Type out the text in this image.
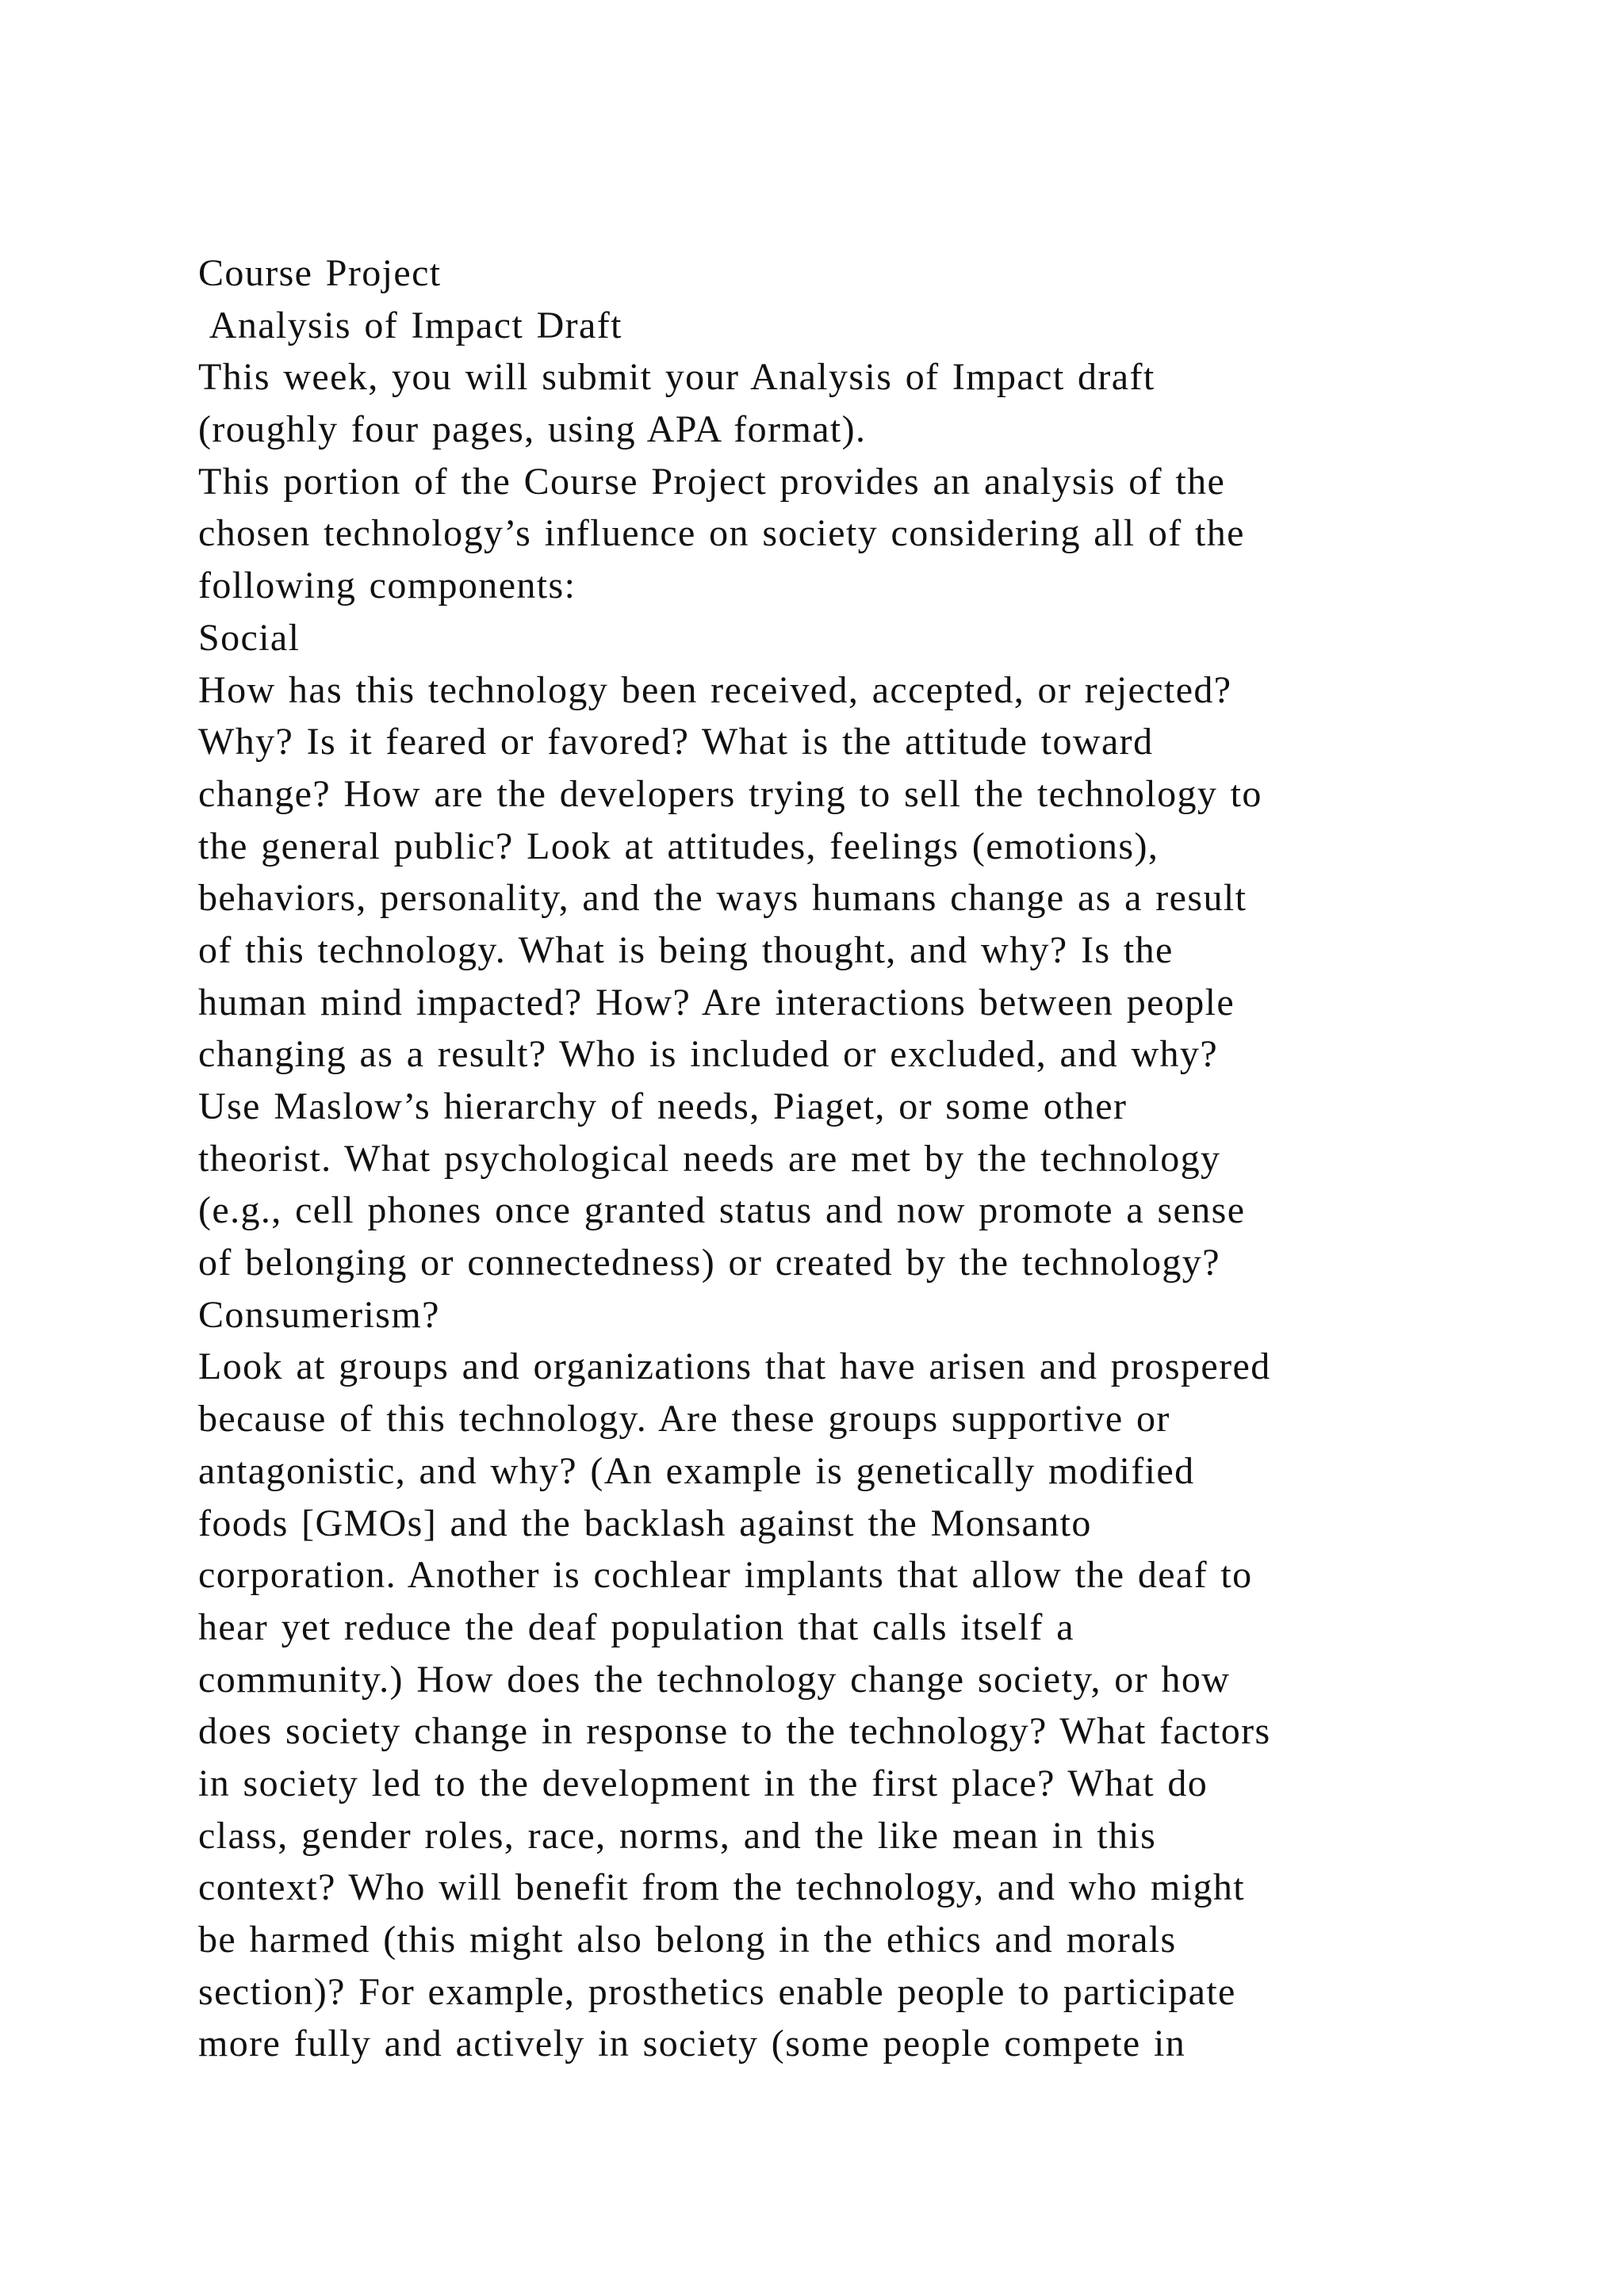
Course Project
Analysis of Impact Draft
This week, you will submit your Analysis of Impact draft
(roughly four pages, using APA format).
This portion of the Course Project provides an analysis of the
chosen technology’s influence on society considering all of the
following components:
Social
How has this technology been received, accepted, or rejected?
Why? Is it feared or favored? What is the attitude toward
change? How are the developers trying to sell the technology to
the general public? Look at attitudes, feelings (emotions),
behaviors, personality, and the ways humans change as a result
of this technology. What is being thought, and why? Is the
human mind impacted? How? Are interactions between people
changing as a result? Who is included or excluded, and why?
Use Maslow’s hierarchy of needs, Piaget, or some other
theorist. What psychological needs are met by the technology
(e.g., cell phones once granted status and now promote a sense
of belonging or connectedness) or created by the technology?
Consumerism?
Look at groups and organizations that have arisen and prospered
because of this technology. Are these groups supportive or
antagonistic, and why? (An example is genetically modified
foods [GMOs] and the backlash against the Monsanto
corporation. Another is cochlear implants that allow the deaf to
hear yet reduce the deaf population that calls itself a
community.) How does the technology change society, or how
does society change in response to the technology? What factors
in society led to the development in the first place? What do
class, gender roles, race, norms, and the like mean in this
context? Who will benefit from the technology, and who might
be harmed (this might also belong in the ethics and morals
section)? For example, prosthetics enable people to participate
more fully and actively in society (some people compete in
